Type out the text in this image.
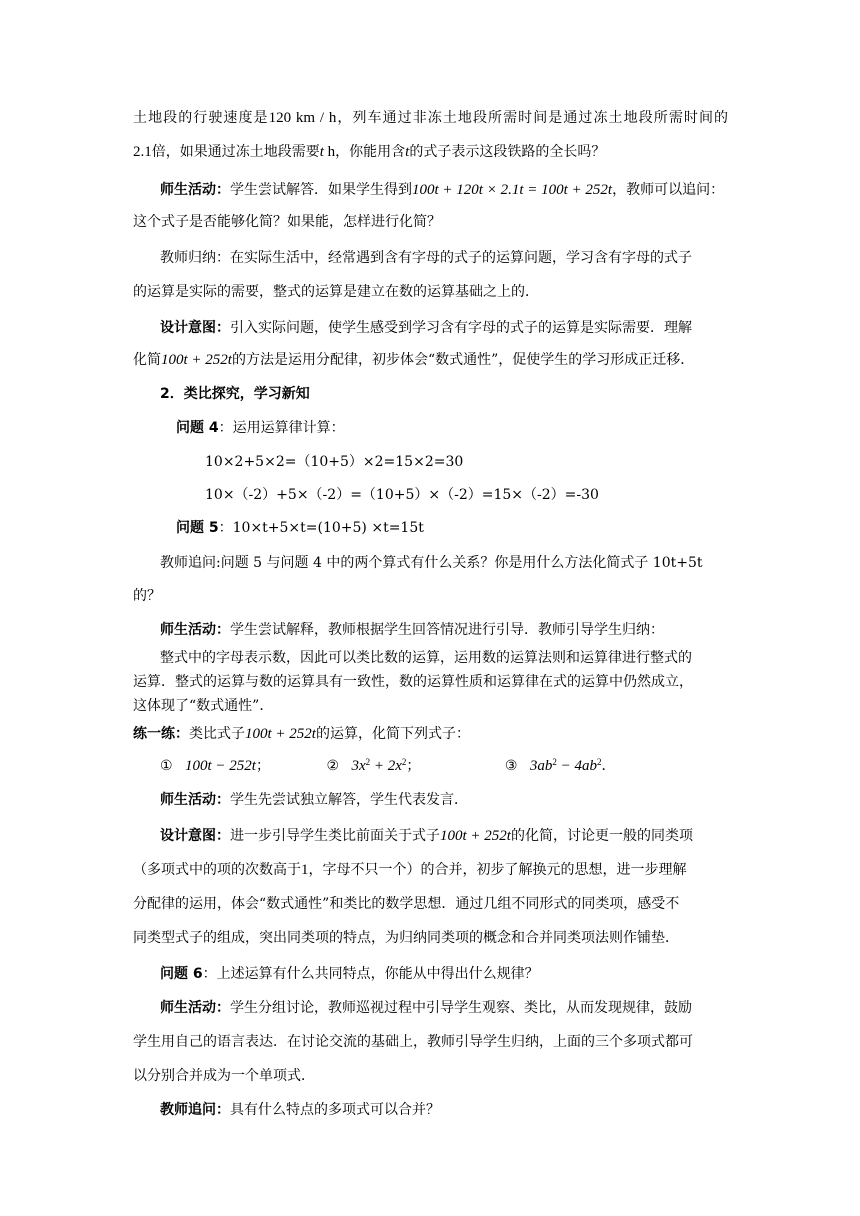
土地段的行驶速度是120 km / h，列车通过非冻土地段所需时间是通过冻土地段所需时间的
2.1倍，如果通过冻土地段需要t h，你能用含t的式子表示这段铁路的全长吗？
师生活动：学生尝试解答．如果学生得到100t + 120t × 2.1t = 100t + 252t，教师可以追问：
这个式子是否能够化简？如果能，怎样进行化简？
教师归纳：在实际生活中，经常遇到含有字母的式子的运算问题，学习含有字母的式子
的运算是实际的需要，整式的运算是建立在数的运算基础之上的．
设计意图：引入实际问题，使学生感受到学习含有字母的式子的运算是实际需要．理解
化简100t + 252t的方法是运用分配律，初步体会“数式通性”，促使学生的学习形成正迁移．
2．类比探究，学习新知
问题 4：运用运算律计算：
10×2+5×2=（10+5）×2=15×2=30
10×（-2）+5×（-2）=（10+5）×（-2）=15×（-2）=-30
问题 5：10×t+5×t=(10+5) ×t=15t
教师追问:问题 5 与问题 4 中的两个算式有什么关系？你是用什么方法化简式子 10t+5t
的？
师生活动：学生尝试解释，教师根据学生回答情况进行引导．教师引导学生归纳：
整式中的字母表示数，因此可以类比数的运算，运用数的运算法则和运算律进行整式的
运算．整式的运算与数的运算具有一致性，数的运算性质和运算律在式的运算中仍然成立，
这体现了“数式通性”．
练一练：类比式子100t + 252t的运算，化简下列式子：
① 100t − 252t；	② $3x^2 + 2x^2$；	③ $3ab^2 - 4ab^2$．
师生活动：学生先尝试独立解答，学生代表发言．
设计意图：进一步引导学生类比前面关于式子100t + 252t的化简，讨论更一般的同类项
（多项式中的项的次数高于1，字母不只一个）的合并，初步了解换元的思想，进一步理解
分配律的运用，体会“数式通性”和类比的数学思想．通过几组不同形式的同类项，感受不
同类型式子的组成，突出同类项的特点，为归纳同类项的概念和合并同类项法则作铺垫．
问题 6：上述运算有什么共同特点，你能从中得出什么规律？
师生活动：学生分组讨论，教师巡视过程中引导学生观察、类比，从而发现规律，鼓励
学生用自己的语言表达．在讨论交流的基础上，教师引导学生归纳，上面的三个多项式都可
以分别合并成为一个单项式．
教师追问：具有什么特点的多项式可以合并？
